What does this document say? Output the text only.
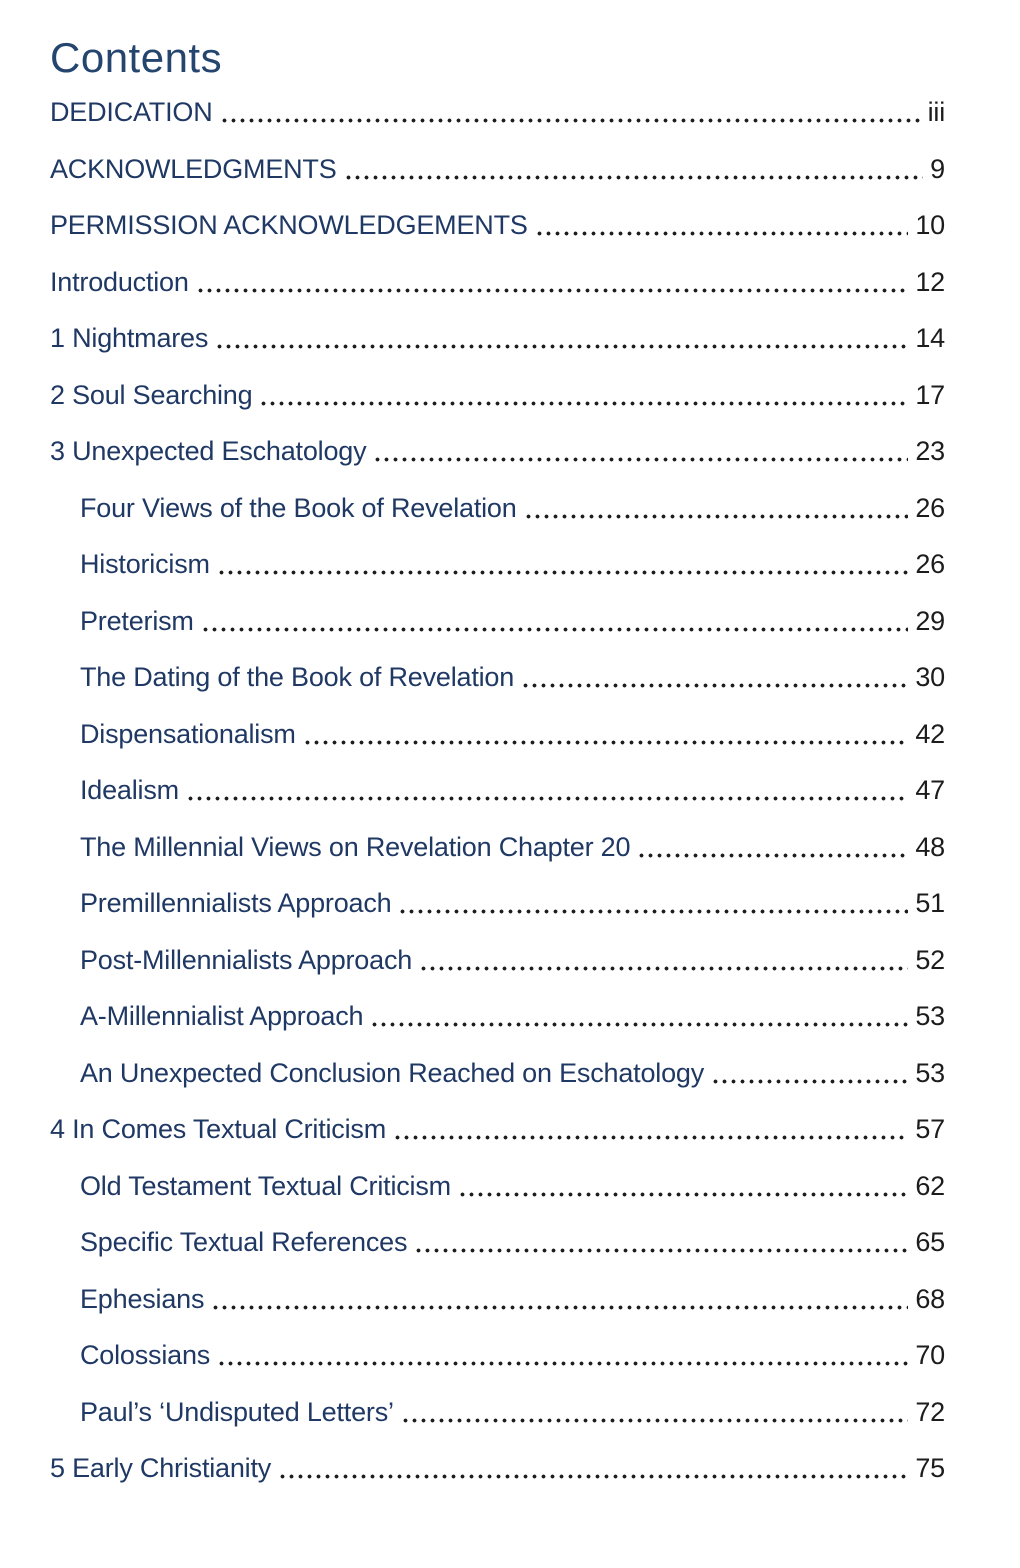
Contents
DEDICATION	iii
ACKNOWLEDGMENTS	9
PERMISSION ACKNOWLEDGEMENTS	10
Introduction	12
1 Nightmares	14
2 Soul Searching	17
3 Unexpected Eschatology	23
Four Views of the Book of Revelation	26
Historicism	26
Preterism	29
The Dating of the Book of Revelation	30
Dispensationalism	42
Idealism	47
The Millennial Views on Revelation Chapter 20	48
Premillennialists Approach	51
Post-Millennialists Approach	52
A-Millennialist Approach	53
An Unexpected Conclusion Reached on Eschatology	53
4 In Comes Textual Criticism	57
Old Testament Textual Criticism	62
Specific Textual References	65
Ephesians	68
Colossians	70
Paul’s ‘Undisputed Letters’	72
5 Early Christianity	75
